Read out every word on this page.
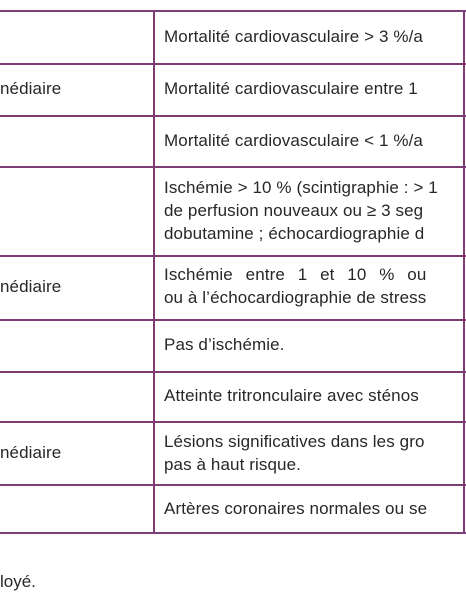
Mortalité cardiovasculaire > 3 %/a
nédiaire	Mortalité cardiovasculaire entre 1
Mortalité cardiovasculaire < 1 %/a
Ischémie > 10 % (scintigraphie : > 1
de perfusion nouveaux ou ≥ 3 seg
dobutamine ; échocardiographie d
nédiaire
Ischémie entre 1 et 10 % ou
ou à l’échocardiographie de stress
Pas d’ischémie.
Atteinte tritronculaire avec sténos
nédiaire
Lésions significatives dans les gro
pas à haut risque.
Artères coronaires normales ou se
loyé.
